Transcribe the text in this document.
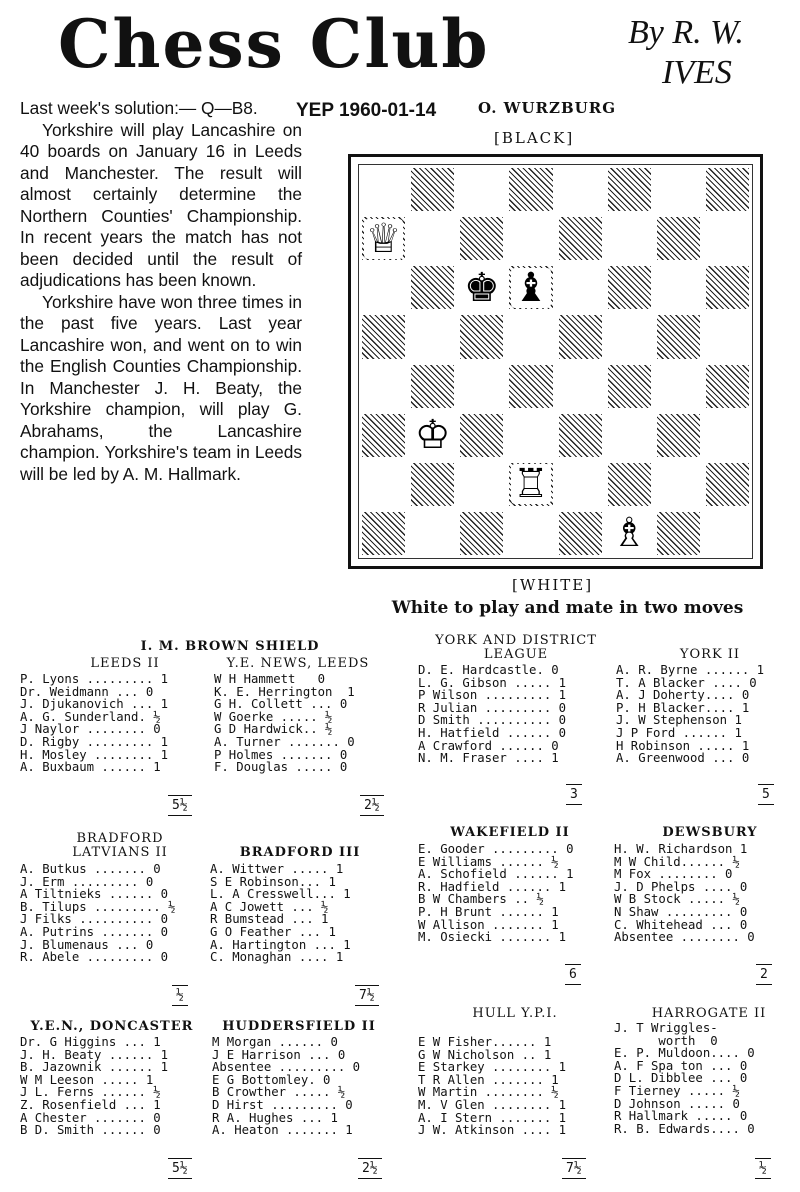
Chess Club	By R. W.
IVES

Last week's solution:— Q—B8.

Yorkshire will play Lancashire on 40 boards on January 16 in Leeds and Manchester. The result will almost certainly determine the Northern Counties' Championship. In recent years the match has not been decided until the result of adjudications has been known.

Yorkshire have won three times in the past five years. Last year Lancashire won, and went on to win the English Counties Championship. In Manchester J. H. Beaty, the Yorkshire champion, will play G. Abrahams, the Lancashire champion. Yorkshire's team in Leeds will be led by A. M. Hallmark.

YEP 1960-01-14	O. WURZBURG
[BLACK]
♕
♚ ♝
♔
♖
♗
[WHITE]
White to play and mate in two moves
I. M. BROWN SHIELD
LEEDS II	Y.E. NEWS, LEEDS
P. Lyons ......... 1
Dr. Weidmann ... 0
J. Djukanovich ... 1
A. G. Sunderland. ½
J Naylor ........ 0
D. Rigby ......... 1
H. Mosley ........ 1
A. Buxbaum ...... 1
W H Hammett   0
K. E. Herrington  1
G H. Collett ... 0
W Goerke ..... ½
G D Hardwick.. ½
A. Turner ....... 0
P Holmes ....... 0
F. Douglas ..... 0
5½	2½
YORK AND DISTRICT
LEAGUE	YORK II
D. E. Hardcastle. 0
L. G. Gibson ..... 1
P Wilson ......... 1
R Julian ......... 0
D Smith .......... 0
H. Hatfield ...... 0
A Crawford ...... 0
N. M. Fraser .... 1
A. R. Byrne ...... 1
T. A Blacker .... 0
A. J Doherty.... 0
P. H Blacker.... 1
J. W Stephenson 1
J P Ford ...... 1
H Robinson ..... 1
A. Greenwood ... 0
3	5
BRADFORD
LATVIANS II	BRADFORD III
A. Butkus ....... 0
J. Erm ......... 0
A Tiltnieks ...... 0
B. Tilups ......... ½
J Filks .......... 0
A. Putrins ....... 0
J. Blumenaus ... 0
R. Abele ......... 0
A. Wittwer ..... 1
S E Robinson... 1
L. A Cresswell... 1
A C Jowett ... ½
R Bumstead ... 1
G O Feather ... 1
A. Hartington ... 1
C. Monaghan .... 1
½	7½
WAKEFIELD II	DEWSBURY
E. Gooder ......... 0
E Williams ...... ½
A. Schofield ...... 1
R. Hadfield ...... 1
B W Chambers .. ½
P. H Brunt ...... 1
W Allison ....... 1
M. Osiecki ....... 1
H. W. Richardson 1
M W Child...... ½
M Fox ........ 0
J. D Phelps .... 0
W B Stock ..... ½
N Shaw ......... 0
C. Whitehead ... 0
Absentee ........ 0
6	2
Y.E.N., DONCASTER	HUDDERSFIELD II
Dr. G Higgins ... 1
J. H. Beaty ...... 1
B. Jazownik ...... 1
W M Leeson ..... 1
J L. Ferns ...... ½
Z. Rosenfield ... 1
A Chester ....... 0
B D. Smith ...... 0
M Morgan ...... 0
J E Harrison ... 0
Absentee ......... 0
E G Bottomley. 0
B Crowther ..... ½
D Hirst ......... 0
R A. Hughes ... 1
A. Heaton ....... 1
5½	2½
HULL Y.P.I.	HARROGATE II
E W Fisher...... 1
G W Nicholson .. 1
E Starkey ........ 1
T R Allen ....... 1
W Martin ........ ½
M. V Glen ........ 1
A. I Stern ....... 1
J W. Atkinson .... 1
J. T Wriggles-
worth  0
E. P. Muldoon.... 0
A. F Spa ton ... 0
D L. Dibblee ... 0
F Tierney ..... ½
D Johnson ..... 0
R Hallmark ..... 0
R. B. Edwards.... 0
7½	½
